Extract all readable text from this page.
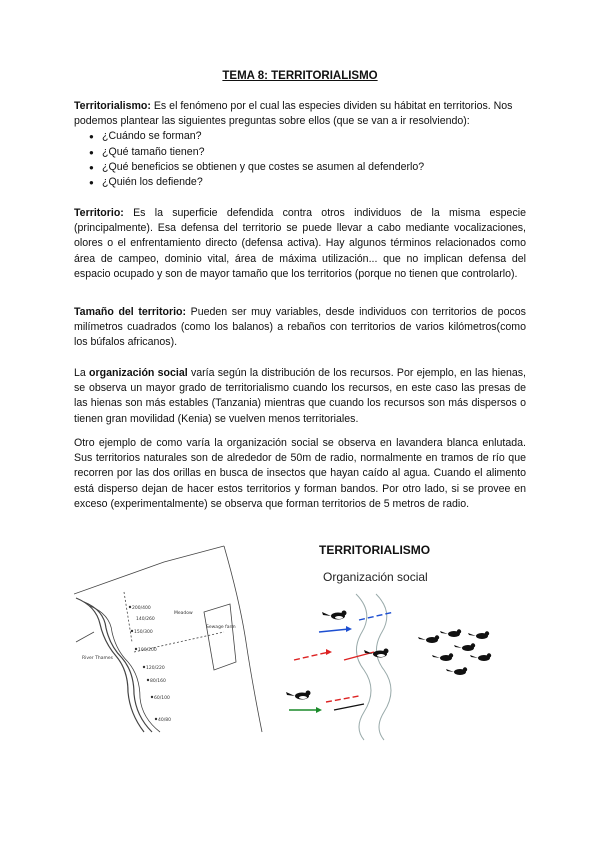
TEMA 8: TERRITORIALISMO
Territorialismo: Es el fenómeno por el cual las especies dividen su hábitat en territorios. Nos podemos plantear las siguientes preguntas sobre ellos (que se van a ir resolviendo):
● ¿Cuándo se forman?
● ¿Qué tamaño tienen?
● ¿Qué beneficios se obtienen y que costes se asumen al defenderlo?
● ¿Quién los defiende?
Territorio: Es la superficie defendida contra otros individuos de la misma especie (principalmente). Esa defensa del territorio se puede llevar a cabo mediante vocalizaciones, olores o el enfrentamiento directo (defensa activa). Hay algunos términos relacionados como área de campeo, dominio vital, área de máxima utilización... que no implican defensa del espacio ocupado y son de mayor tamaño que los territorios (porque no tienen que controlarlo).
Tamaño del territorio: Pueden ser muy variables, desde individuos con territorios de pocos milímetros cuadrados (como los balanos) a rebaños con territorios de varios kilómetros(como los búfalos africanos).
La organización social varía según la distribución de los recursos. Por ejemplo, en las hienas, se observa un mayor grado de territorialismo cuando los recursos, en este caso las presas de las hienas son más estables (Tanzania) mientras que cuando los recursos son más dispersos o tienen gran movilidad (Kenia) se vuelven menos territoriales.
Otro ejemplo de como varía la organización social se observa en lavandera blanca enlutada. Sus territorios naturales son de alrededor de 50m de radio, normalmente en tramos de río que recorren por las dos orillas en busca de insectos que hayan caído al agua. Cuando el alimento está disperso dejan de hacer estos territorios y forman bandos. Por otro lado, si se provee en exceso (experimentalmente) se observa que forman territorios de 5 metros de radio.
Meadow
Sewage farm
River Thames
200/400
150/300
100/200
120/220
80/160
60/100
40/80
140/260
TERRITORIALISMO
Organización social
